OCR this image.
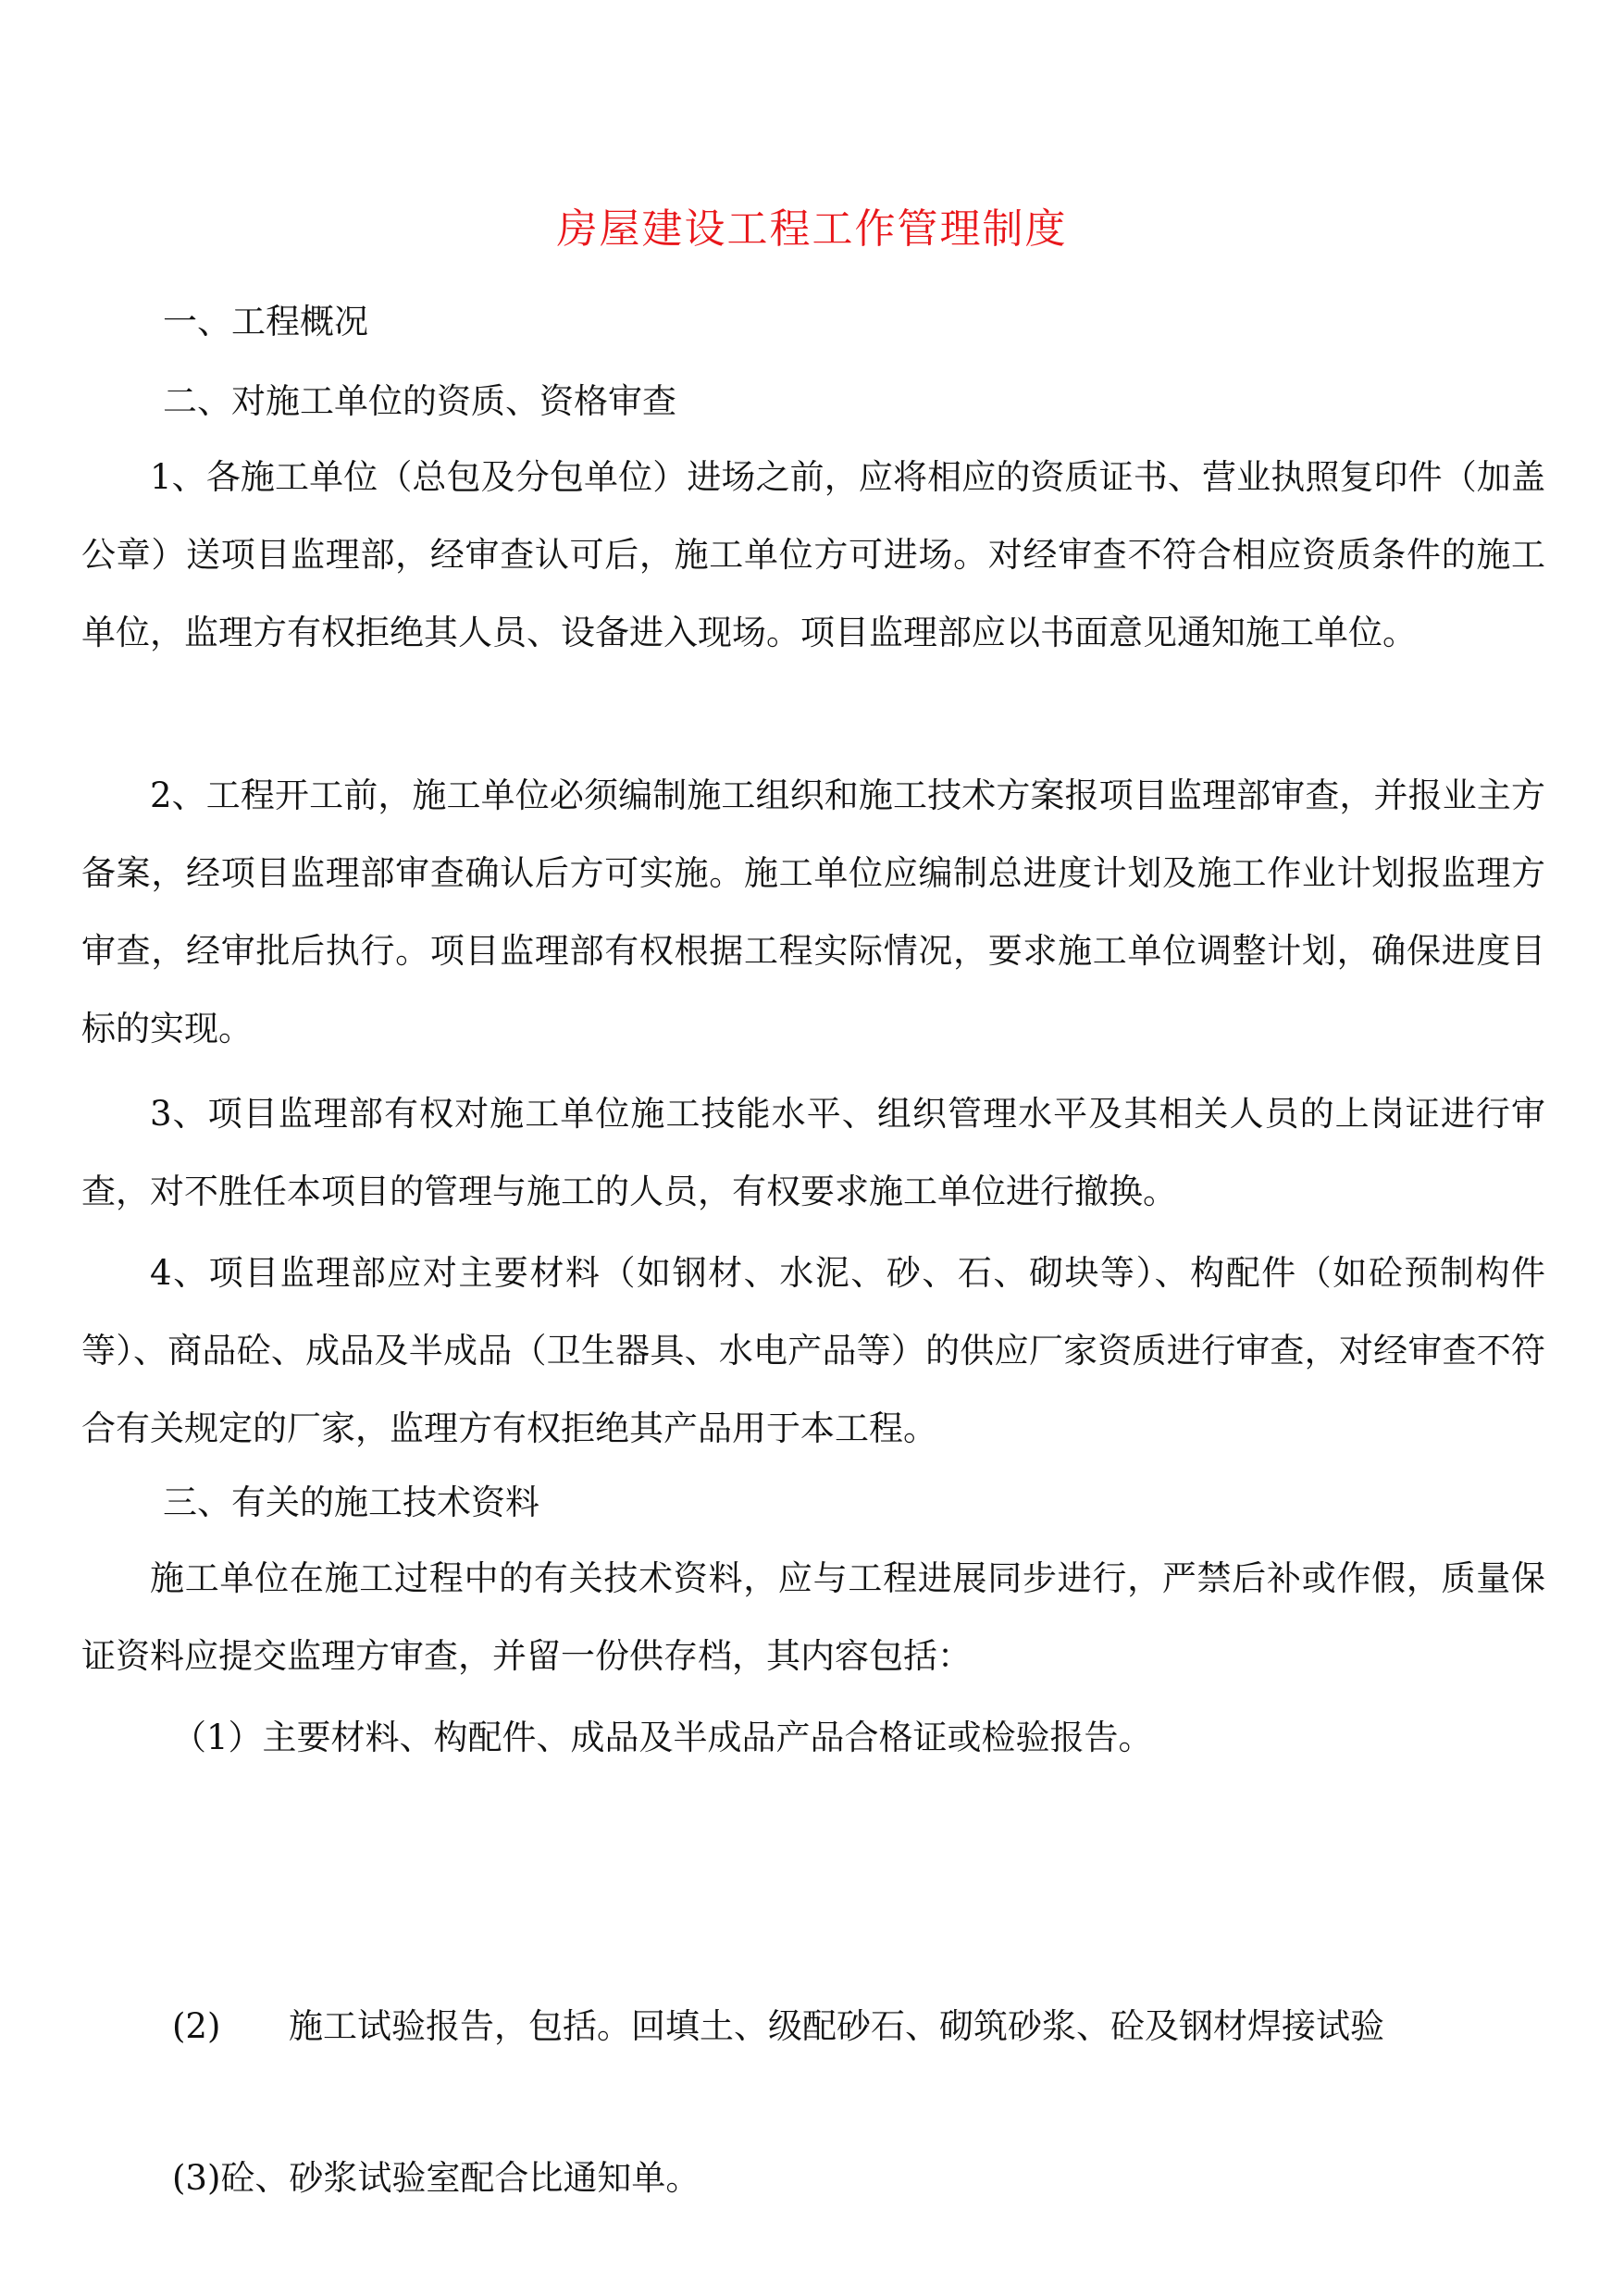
房屋建设工程工作管理制度

一、工程概况

二、对施工单位的资质、资格审查

1、各施工单位（总包及分包单位）进场之前，应将相应的资质证书、营业执照复印件（加盖公章）送项目监理部，经审查认可后，施工单位方可进场。对经审查不符合相应资质条件的施工单位，监理方有权拒绝其人员、设备进入现场。项目监理部应以书面意见通知施工单位。

2、工程开工前，施工单位必须编制施工组织和施工技术方案报项目监理部审查，并报业主方备案，经项目监理部审查确认后方可实施。施工单位应编制总进度计划及施工作业计划报监理方审查，经审批后执行。项目监理部有权根据工程实际情况，要求施工单位调整计划，确保进度目标的实现。

3、项目监理部有权对施工单位施工技能水平、组织管理水平及其相关人员的上岗证进行审查，对不胜任本项目的管理与施工的人员，有权要求施工单位进行撤换。

4、项目监理部应对主要材料（如钢材、水泥、砂、石、砌块等）、构配件（如砼预制构件等）、商品砼、成品及半成品（卫生器具、水电产品等）的供应厂家资质进行审查，对经审查不符合有关规定的厂家，监理方有权拒绝其产品用于本工程。

三、有关的施工技术资料

施工单位在施工过程中的有关技术资料，应与工程进展同步进行，严禁后补或作假，质量保证资料应提交监理方审查，并留一份供存档，其内容包括：

（1）主要材料、构配件、成品及半成品产品合格证或检验报告。

(2) 施工试验报告，包括。回填土、级配砂石、砌筑砂浆、砼及钢材焊接试验

(3)砼、砂浆试验室配合比通知单。
